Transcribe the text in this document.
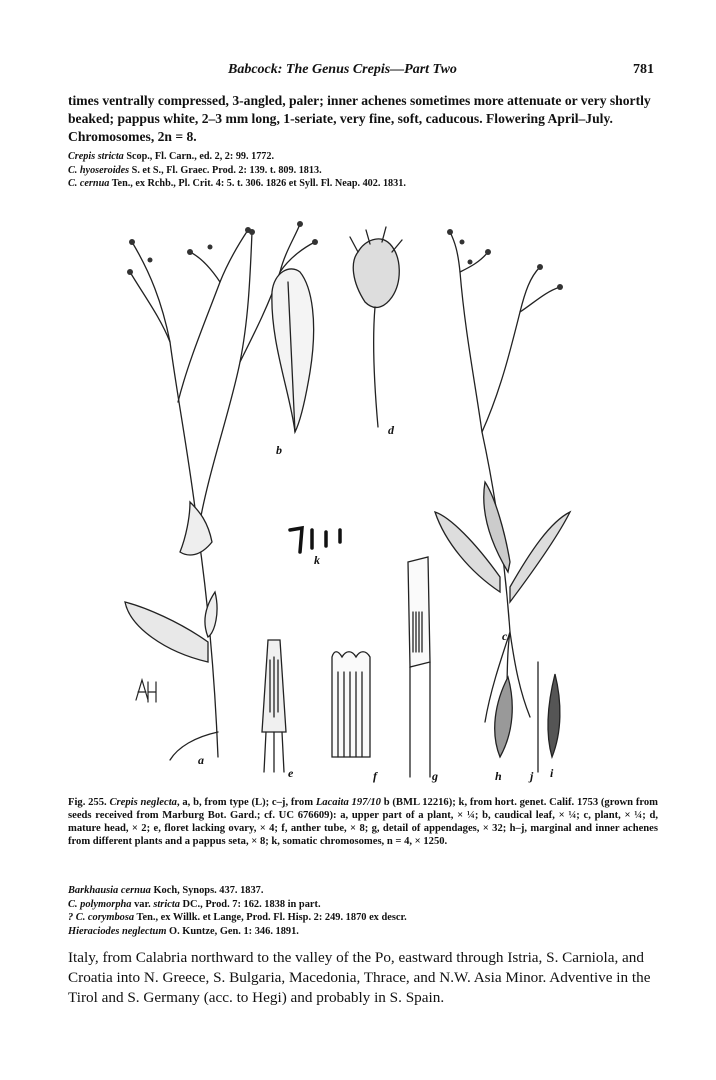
Babcock: The Genus Crepis—Part Two	781
times ventrally compressed, 3-angled, paler; inner achenes sometimes more attenuate or very shortly beaked; pappus white, 2–3 mm long, 1-seriate, very fine, soft, caducous. Flowering April–July. Chromosomes, 2n = 8.
Crepis stricta Scop., Fl. Carn., ed. 2, 2: 99. 1772.
C. hyoseroides S. et S., Fl. Graec. Prod. 2: 139. t. 809. 1813.
C. cernua Ten., ex Rchb., Pl. Crit. 4: 5. t. 306. 1826 et Syll. Fl. Neap. 402. 1831.
a
b
c
d
e	f	g	h	i
j
k
Fig. 255. Crepis neglecta, a, b, from type (L); c–j, from Lacaita 197/10 b (BML 12216); k, from hort. genet. Calif. 1753 (grown from seeds received from Marburg Bot. Gard.; cf. UC 676609): a, upper part of a plant, × ¼; b, caudical leaf, × ¼; c, plant, × ¼; d, mature head, × 2; e, floret lacking ovary, × 4; f, anther tube, × 8; g, detail of appendages, × 32; h–j, marginal and inner achenes from different plants and a pappus seta, × 8; k, somatic chromosomes, n = 4, × 1250.
Barkhausia cernua Koch, Synops. 437. 1837.
C. polymorpha var. stricta DC., Prod. 7: 162. 1838 in part.
? C. corymbosa Ten., ex Willk. et Lange, Prod. Fl. Hisp. 2: 249. 1870 ex descr.
Hieraciodes neglectum O. Kuntze, Gen. 1: 346. 1891.
Italy, from Calabria northward to the valley of the Po, eastward through Istria, S. Carniola, and Croatia into N. Greece, S. Bulgaria, Macedonia, Thrace, and N.W. Asia Minor. Adventive in the Tirol and S. Germany (acc. to Hegi) and probably in S. Spain.
